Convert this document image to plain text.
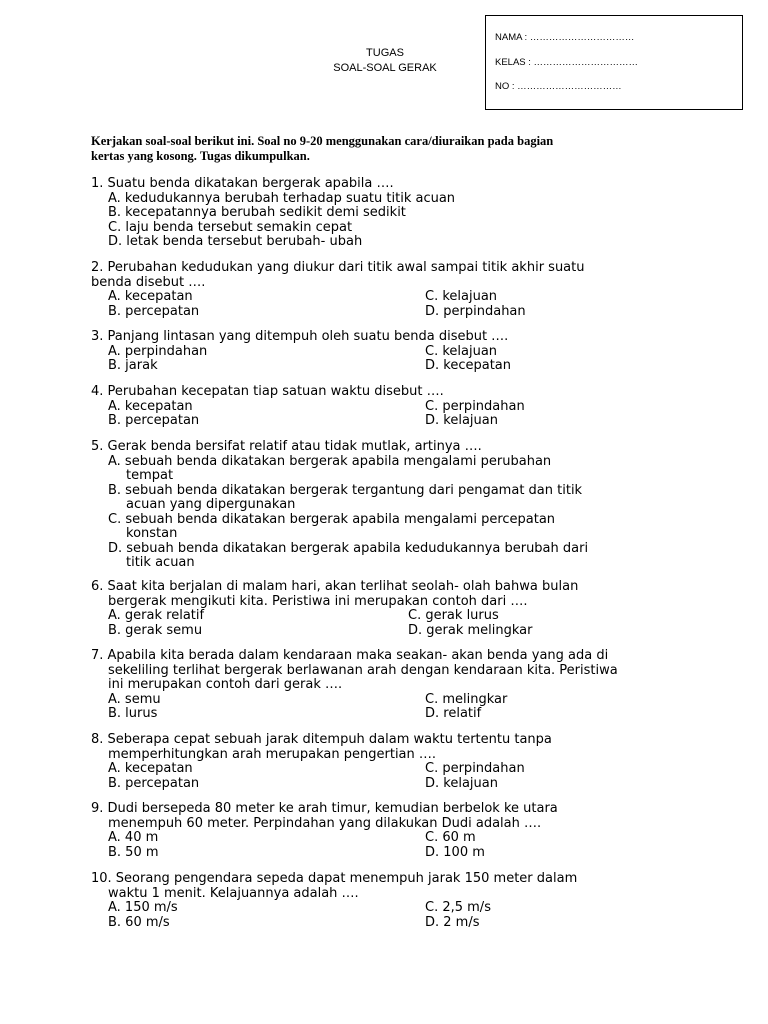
NAMA : ……………………………
KELAS : ……………………………
NO : ……………………………
TUGAS
SOAL-SOAL GERAK
Kerjakan soal-soal berikut ini. Soal no 9-20 menggunakan cara/diuraikan pada bagian
kertas yang kosong. Tugas dikumpulkan.
1. Suatu benda dikatakan bergerak apabila ….
A. kedudukannya berubah terhadap suatu titik acuan
B. kecepatannya berubah sedikit demi sedikit
C. laju benda tersebut semakin cepat
D. letak benda tersebut berubah- ubah
2. Perubahan kedudukan yang diukur dari titik awal sampai titik akhir suatu
benda disebut ….
A. kecepatan	C. kelajuan
B. percepatan	D. perpindahan
3. Panjang lintasan yang ditempuh oleh suatu benda disebut ….
A. perpindahan	C. kelajuan
B. jarak	D. kecepatan
4. Perubahan kecepatan tiap satuan waktu disebut ….
A. kecepatan	C. perpindahan
B. percepatan	D. kelajuan
5. Gerak benda bersifat relatif atau tidak mutlak, artinya ….
A. sebuah benda dikatakan bergerak apabila mengalami perubahan
tempat
B. sebuah benda dikatakan bergerak tergantung dari pengamat dan titik
acuan yang dipergunakan
C. sebuah benda dikatakan bergerak apabila mengalami percepatan
konstan
D. sebuah benda dikatakan bergerak apabila kedudukannya berubah dari
titik acuan
6. Saat kita berjalan di malam hari, akan terlihat seolah- olah bahwa bulan
bergerak mengikuti kita. Peristiwa ini merupakan contoh dari ….
A. gerak relatif	C. gerak lurus
B. gerak semu	D. gerak melingkar
7. Apabila kita berada dalam kendaraan maka seakan- akan benda yang ada di
sekeliling terlihat bergerak berlawanan arah dengan kendaraan kita. Peristiwa
ini merupakan contoh dari gerak ….
A. semu	C. melingkar
B. lurus	D. relatif
8. Seberapa cepat sebuah jarak ditempuh dalam waktu tertentu tanpa
memperhitungkan arah merupakan pengertian ….
A. kecepatan	C. perpindahan
B. percepatan	D. kelajuan
9. Dudi bersepeda 80 meter ke arah timur, kemudian berbelok ke utara
menempuh 60 meter. Perpindahan yang dilakukan Dudi adalah ….
A. 40 m	C. 60 m
B. 50 m	D. 100 m
10. Seorang pengendara sepeda dapat menempuh jarak 150 meter dalam
waktu 1 menit. Kelajuannya adalah ….
A. 150 m/s	C. 2,5 m/s
B. 60 m/s	D. 2 m/s
